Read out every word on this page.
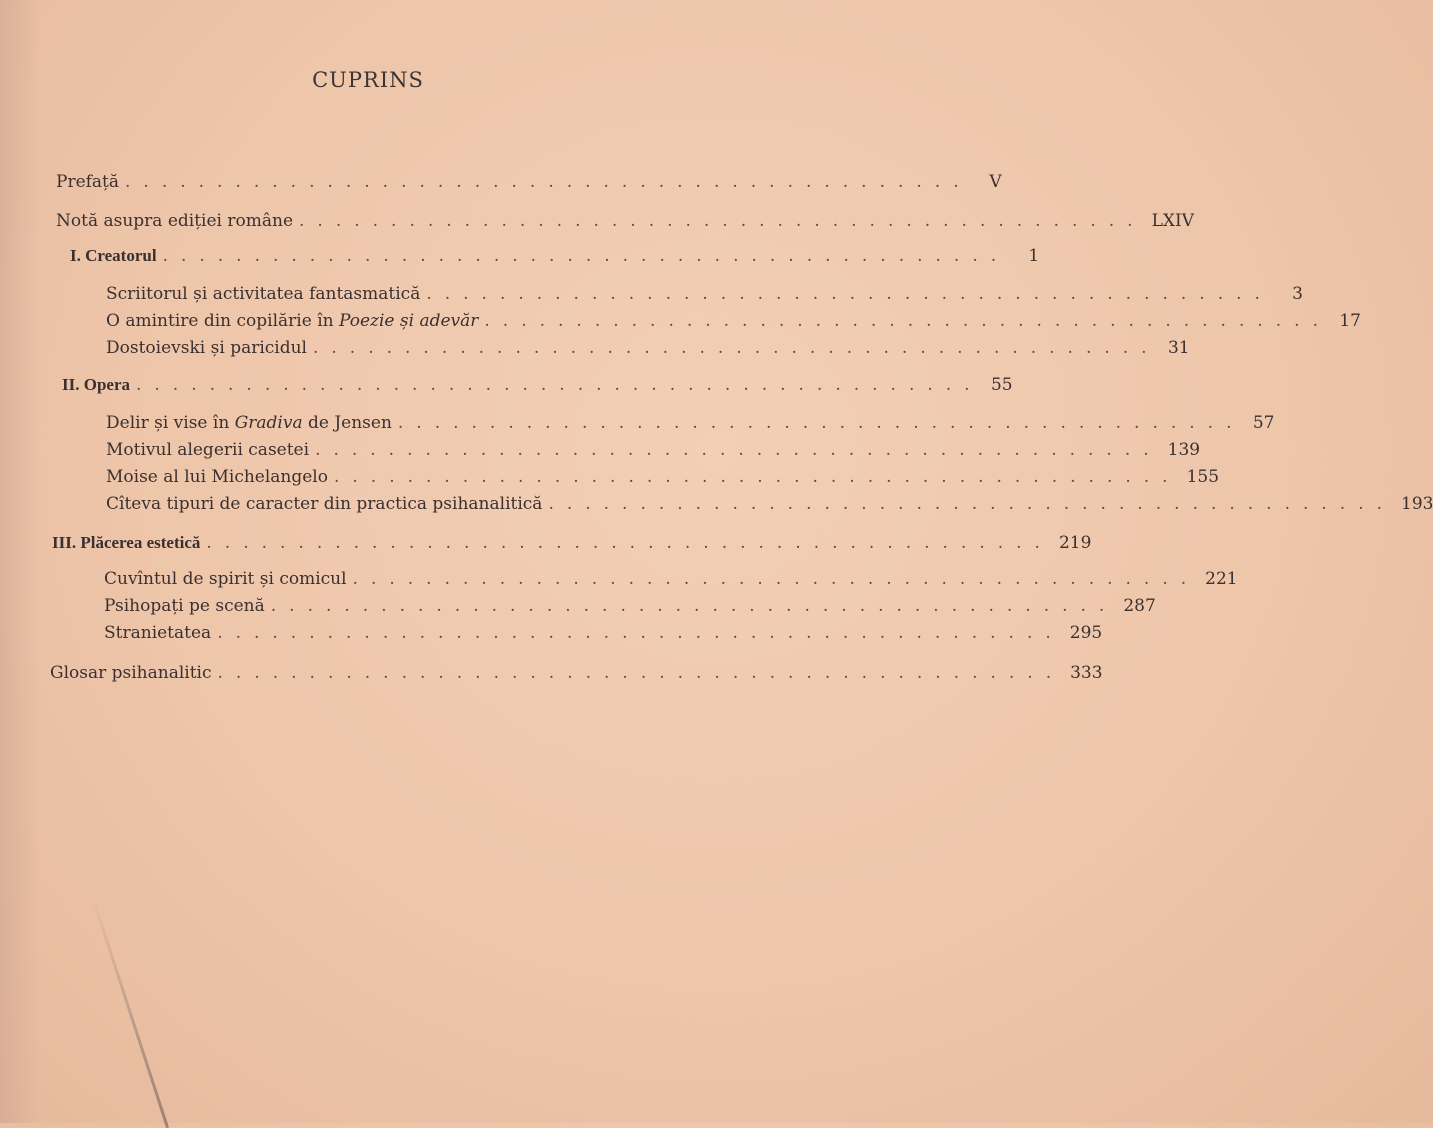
CUPRINS
Prefață ..............................................	V
Notă asupra ediției române .............................................. LXIV
I. Creatorul ..............................................	1
Scriitorul și activitatea fantasmatică ..............................................	3
O amintire din copilărie în Poezie și adevăr .............................................. 17
Dostoievski și paricidul .............................................. 31
II. Opera .............................................. 55
Delir și vise în Gradiva de Jensen .............................................. 57
Motivul alegerii casetei .............................................. 139
Moise al lui Michelangelo .............................................. 155
Cîteva tipuri de caracter din practica psihanalitică .............................................. 193
III. Plăcerea estetică .............................................. 219
Cuvîntul de spirit și comicul .............................................. 221
Psihopați pe scenă .............................................. 287
Stranietatea .............................................. 295
Glosar psihanalitic .............................................. 333
